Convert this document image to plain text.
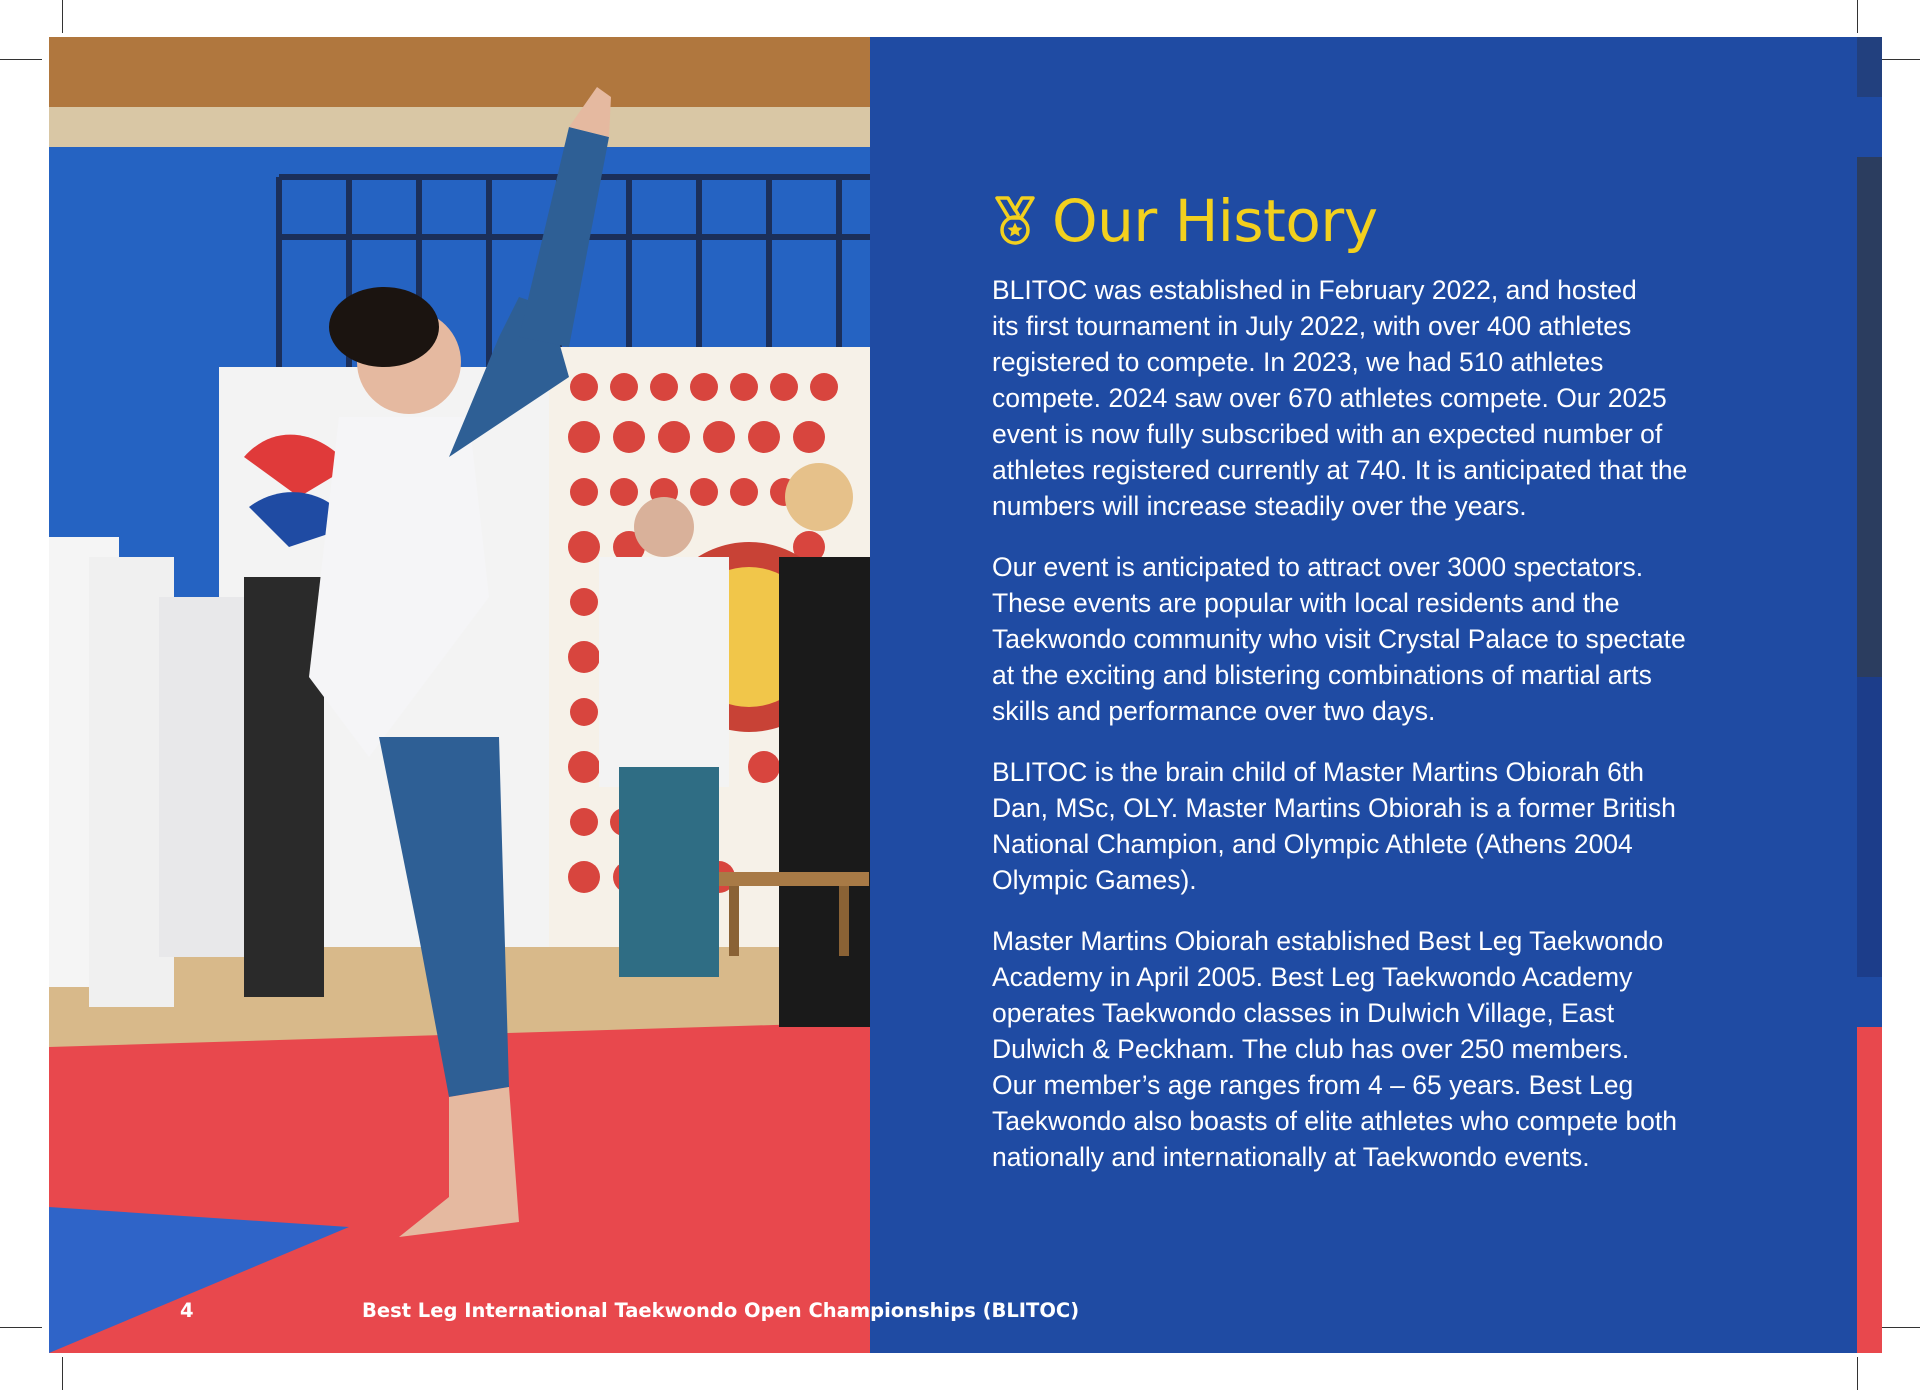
Our History

BLITOC was established in February 2022, and hosted
its first tournament in July 2022, with over 400 athletes
registered to compete. In 2023, we had 510 athletes
compete. 2024 saw over 670 athletes compete. Our 2025
event is now fully subscribed with an expected number of
athletes registered currently at 740. It is anticipated that the
numbers will increase steadily over the years.

Our event is anticipated to attract over 3000 spectators.
These events are popular with local residents and the
Taekwondo community who visit Crystal Palace to spectate
at the exciting and blistering combinations of martial arts
skills and performance over two days.

BLITOC is the brain child of Master Martins Obiorah 6th
Dan, MSc, OLY. Master Martins Obiorah is a former British
National Champion, and Olympic Athlete (Athens 2004
Olympic Games).

Master Martins Obiorah established Best Leg Taekwondo
Academy in April 2005. Best Leg Taekwondo Academy
operates Taekwondo classes in Dulwich Village, East
Dulwich & Peckham. The club has over 250 members.
Our member’s age ranges from 4 – 65 years. Best Leg
Taekwondo also boasts of elite athletes who compete both
nationally and internationally at Taekwondo events.

4	Best Leg International Taekwondo Open Championships (BLITOC)
